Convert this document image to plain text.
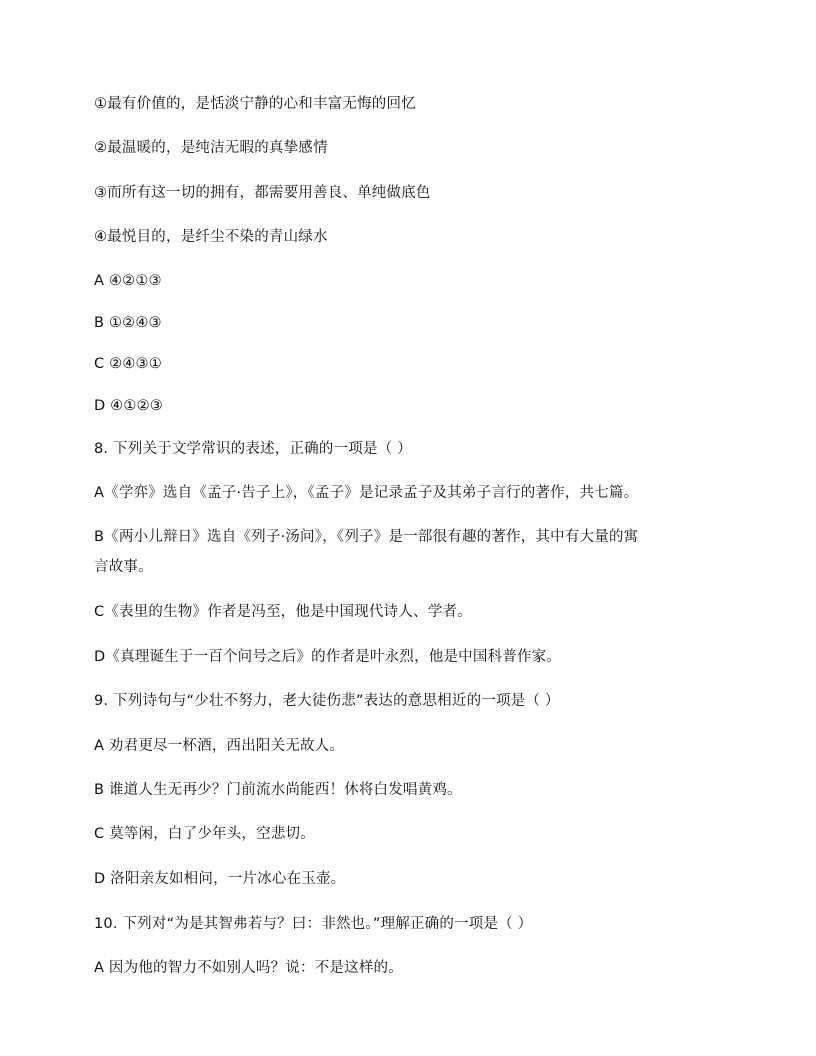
①最有价值的，是恬淡宁静的心和丰富无悔的回忆
②最温暖的，是纯洁无暇的真挚感情
③而所有这一切的拥有，都需要用善良、单纯做底色
④最悦目的，是纤尘不染的青山绿水
A ④②①③
B ①②④③
C ②④③①
D ④①②③
8. 下列关于文学常识的表述，正确的一项是（ ）
A《学弈》选自《孟子·告子上》，《孟子》是记录孟子及其弟子言行的著作，共七篇。
B《两小儿辩日》选自《列子·汤问》，《列子》是一部很有趣的著作，其中有大量的寓
言故事。
C《表里的生物》作者是冯至，他是中国现代诗人、学者。
D《真理诞生于一百个问号之后》的作者是叶永烈，他是中国科普作家。
9. 下列诗句与“少壮不努力，老大徒伤悲”表达的意思相近的一项是（ ）
A 劝君更尽一杯酒，西出阳关无故人。
B 谁道人生无再少？门前流水尚能西！休将白发唱黄鸡。
C 莫等闲，白了少年头，空悲切。
D 洛阳亲友如相问，一片冰心在玉壶。
10. 下列对“为是其智弗若与？曰：非然也。”理解正确的一项是（ ）
A 因为他的智力不如别人吗？说：不是这样的。
